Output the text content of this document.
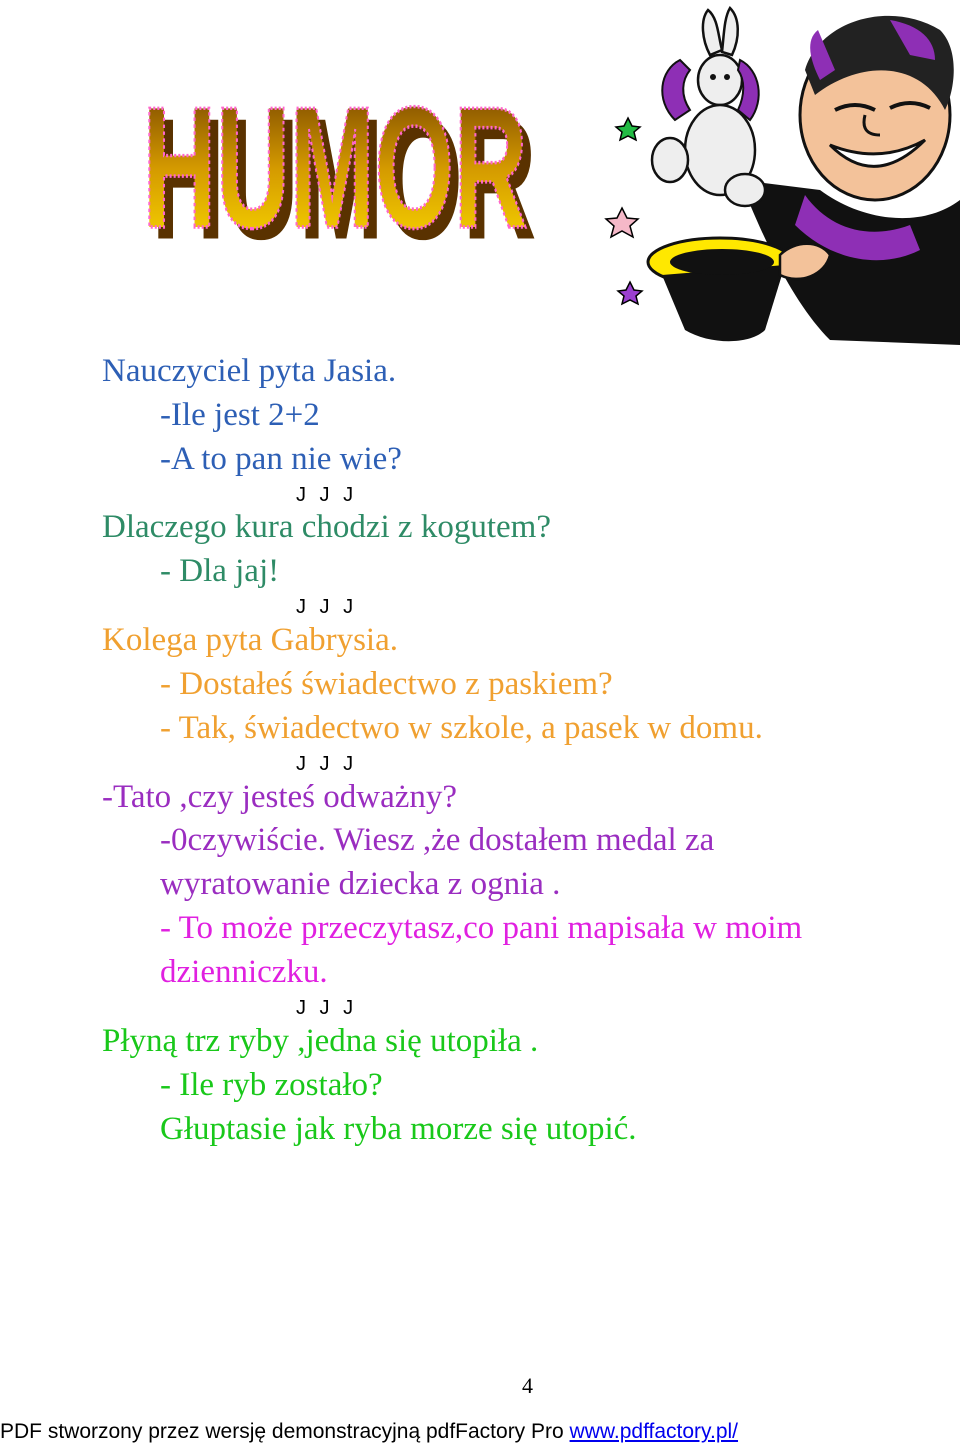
HUMOR
HUMOR
Nauczyciel pyta Jasia.
-Ile jest 2+2
-A to pan nie wie?
J J J
Dlaczego kura chodzi z kogutem?
- Dla jaj!
J J J
Kolega pyta Gabrysia.
- Dostałeś świadectwo z paskiem?
- Tak, świadectwo w szkole, a pasek w domu.
J J J
-Tato ,czy jesteś odważny?
-0czywiście. Wiesz ,że dostałem medal za
wyratowanie dziecka z ognia .
- To może przeczytasz,co pani mapisała w moim
dzienniczku.
J J J
Płyną trz ryby ,jedna się utopiła .
- Ile ryb zostało?
Głuptasie jak ryba morze się utopić.
4
PDF stworzony przez wersję demonstracyjną pdfFactory Pro www.pdffactory.pl/
